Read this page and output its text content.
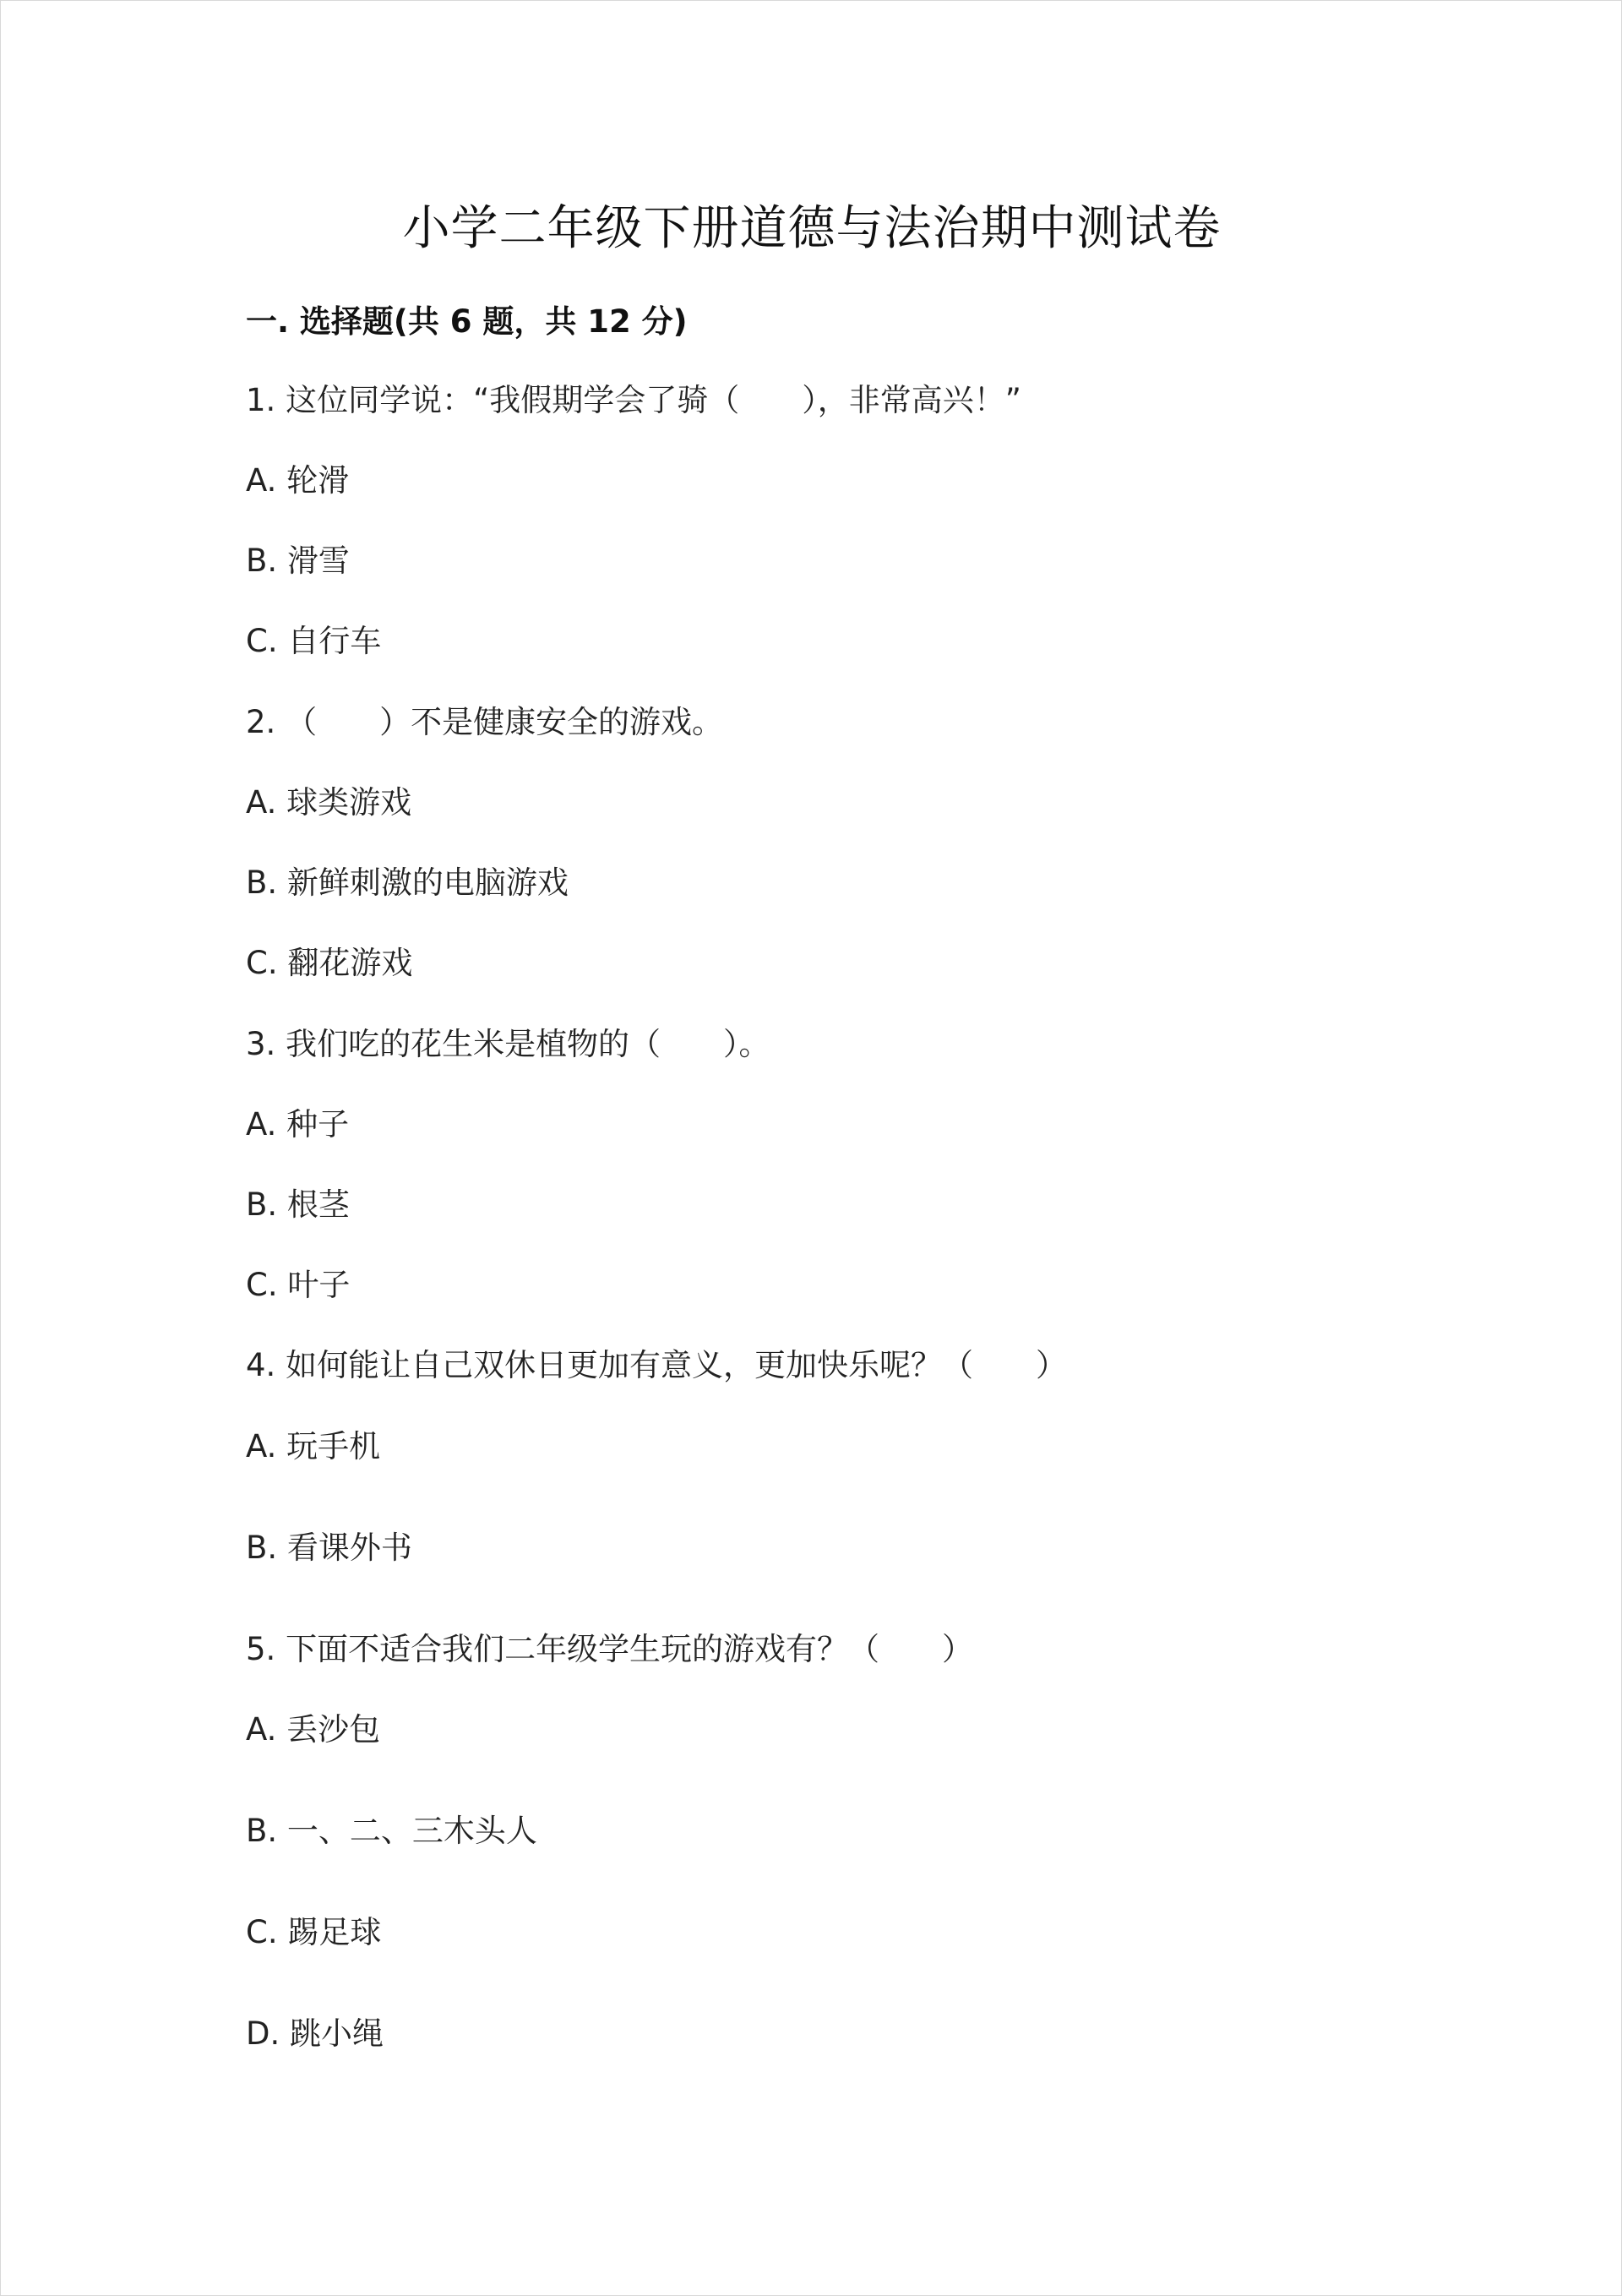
小学二年级下册道德与法治期中测试卷
一. 选择题(共 6 题，共 12 分)
1. 这位同学说：“我假期学会了骑（　　），非常高兴！”
A. 轮滑
B. 滑雪
C. 自行车
2. （　　）不是健康安全的游戏。
A. 球类游戏
B. 新鲜刺激的电脑游戏
C. 翻花游戏
3. 我们吃的花生米是植物的（　　）。
A. 种子
B. 根茎
C. 叶子
4. 如何能让自己双休日更加有意义，更加快乐呢？（　　）
A. 玩手机
B. 看课外书
5. 下面不适合我们二年级学生玩的游戏有？（　　）
A. 丢沙包
B. 一、二、三木头人
C. 踢足球
D. 跳小绳
